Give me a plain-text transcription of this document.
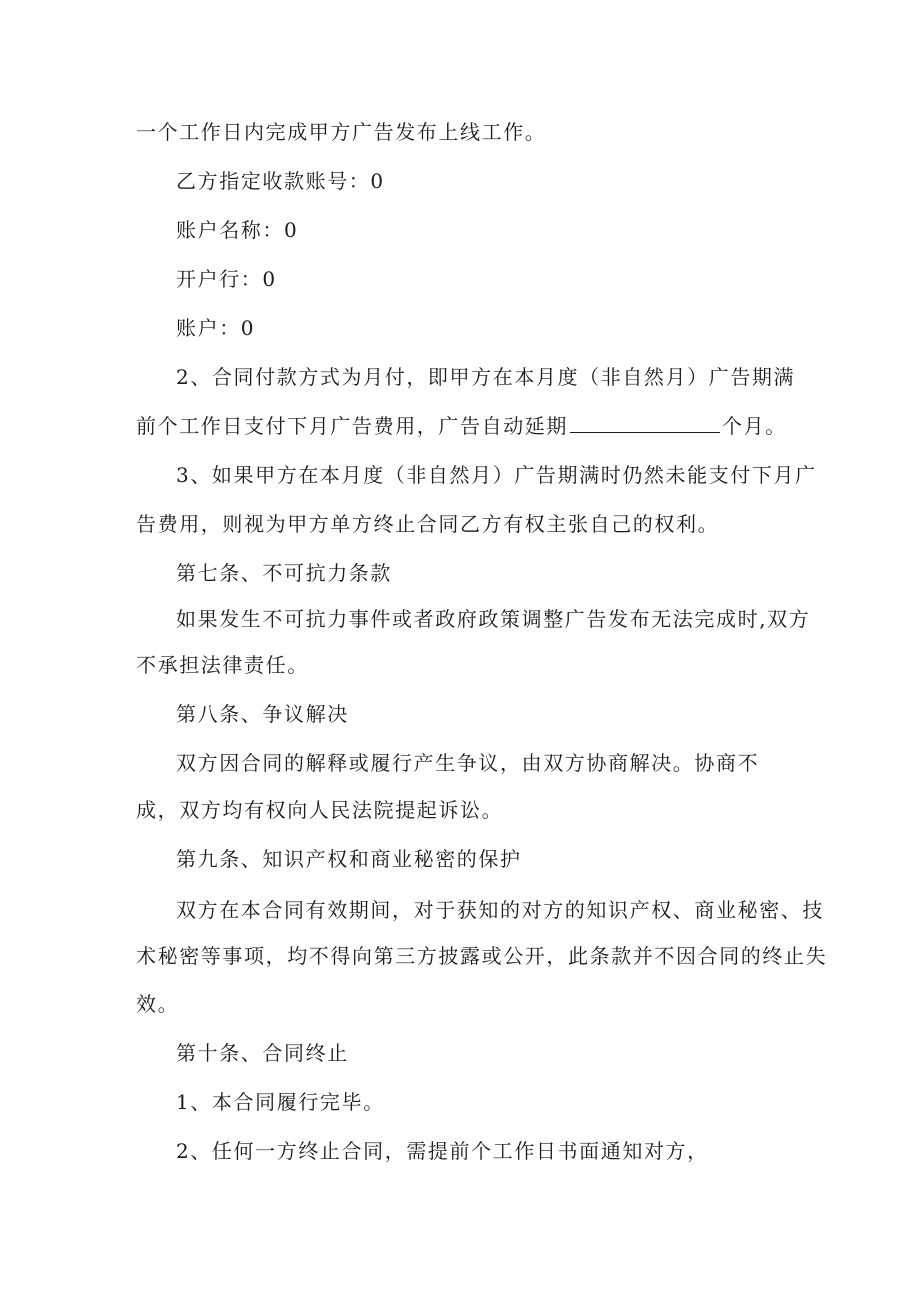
一个工作日内完成甲方广告发布上线工作。
乙方指定收款账号：0
账户名称：0
开户行：0
账户：0
2、合同付款方式为月付，即甲方在本月度（非自然月）广告期满
前个工作日支付下月广告费用，广告自动延期	个月。
3、如果甲方在本月度（非自然月）广告期满时仍然未能支付下月广
告费用，则视为甲方单方终止合同乙方有权主张自己的权利。
第七条、不可抗力条款
如果发生不可抗力事件或者政府政策调整广告发布无法完成时,双方
不承担法律责任。
第八条、争议解决
双方因合同的解释或履行产生争议，由双方协商解决。协商不
成，双方均有权向人民法院提起诉讼。
第九条、知识产权和商业秘密的保护
双方在本合同有效期间，对于获知的对方的知识产权、商业秘密、技
术秘密等事项，均不得向第三方披露或公开，此条款并不因合同的终止失
效。
第十条、合同终止
1、本合同履行完毕。
2、任何一方终止合同，需提前个工作日书面通知对方，
